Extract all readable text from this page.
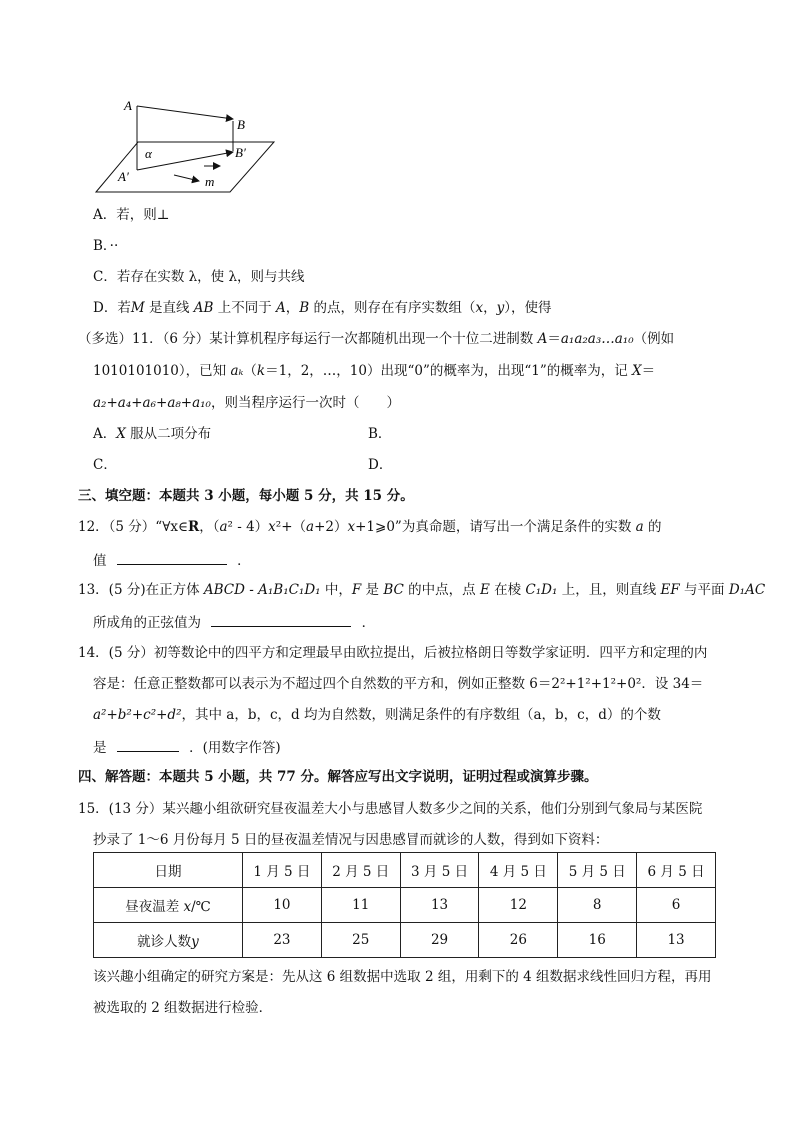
A
B
α	B′
A′	m
A．若，则⊥
B．··
C．若存在实数 λ，使 λ，则与共线
D．若M 是直线 AB 上不同于 A，B 的点，则存在有序实数组（x，y），使得
（多选）11．（6 分）某计算机程序每运行一次都随机出现一个十位二进制数 A＝a₁a₂a₃…a₁₀（例如
1010101010），已知 aₖ（k＝1，2，…，10）出现“0”的概率为，出现“1”的概率为，记 X＝
a₂+a₄+a₆+a₈+a₁₀，则当程序运行一次时（　　）
A．X 服从二项分布	B．
C．	D．
三、填空题：本题共 3 小题，每小题 5 分，共 15 分。
12．（5 分）“∀x∈R，（a² - 4）x²+（a+2）x+1⩾0”为真命题，请写出一个满足条件的实数 a 的
值	．
13．(5 分)在正方体 ABCD - A₁B₁C₁D₁ 中，F 是 BC 的中点，点 E 在棱 C₁D₁ 上，且，则直线 EF 与平面 D₁AC
所成角的正弦值为	．
14．(5 分）初等数论中的四平方和定理最早由欧拉提出，后被拉格朗日等数学家证明．四平方和定理的内
容是：任意正整数都可以表示为不超过四个自然数的平方和，例如正整数 6＝2²+1²+1²+0²．设 34＝
a²+b²+c²+d²，其中 a，b，c，d 均为自然数，则满足条件的有序数组（a，b，c，d）的个数
是	．(用数字作答)
四、解答题：本题共 5 小题，共 77 分。解答应写出文字说明，证明过程或演算步骤。
15．(13 分）某兴趣小组欲研究昼夜温差大小与患感冒人数多少之间的关系，他们分别到气象局与某医院
抄录了 1～6 月份每月 5 日的昼夜温差情况与因患感冒而就诊的人数，得到如下资料：
日期	1 月 5 日	2 月 5 日	3 月 5 日	4 月 5 日	5 月 5 日	6 月 5 日
昼夜温差 x/℃	10	11	13	12	8	6
就诊人数y	23	25	29	26	16	13
该兴趣小组确定的研究方案是：先从这 6 组数据中选取 2 组，用剩下的 4 组数据求线性回归方程，再用
被选取的 2 组数据进行检验．
